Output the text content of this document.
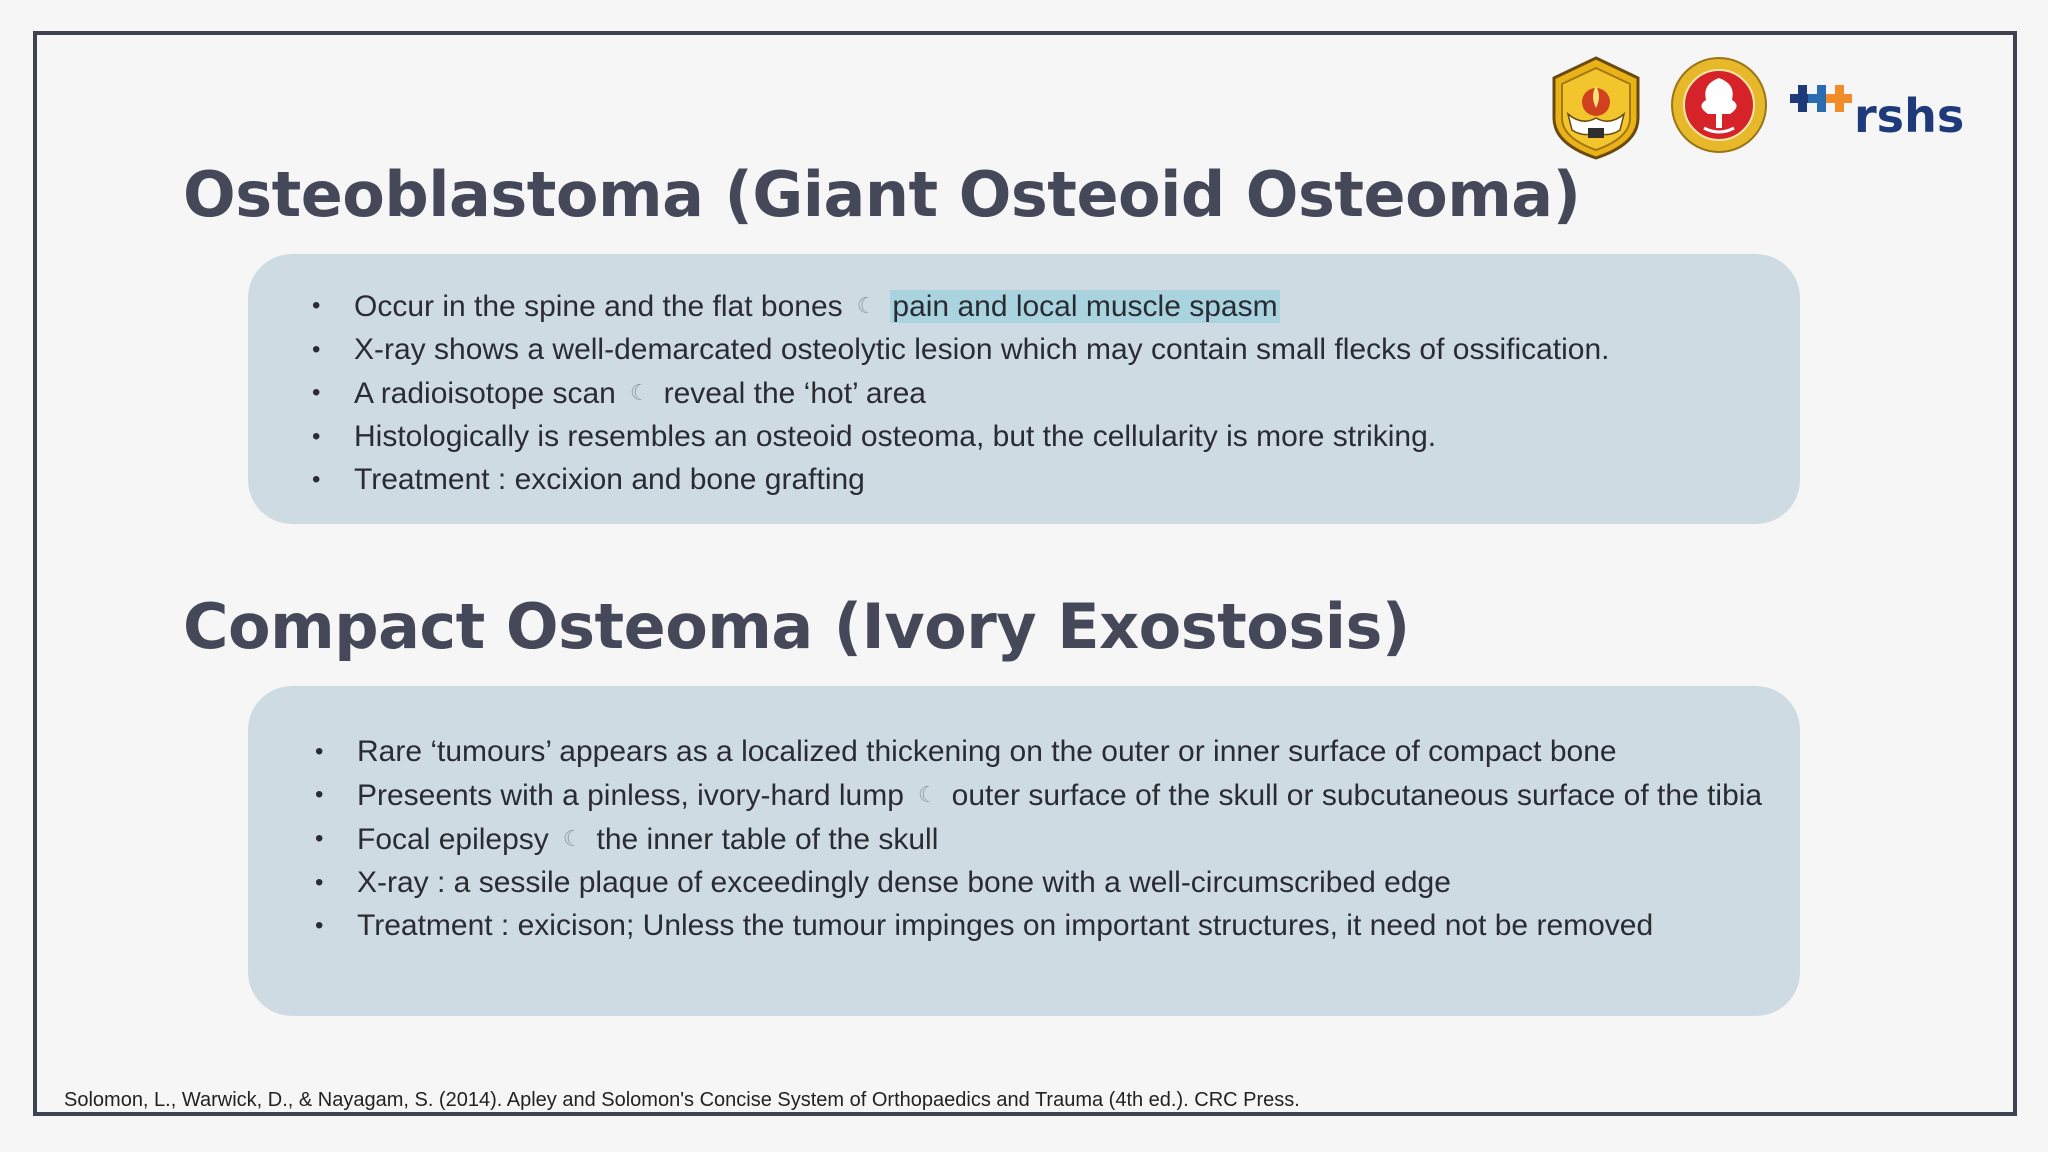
rshs
Osteoblastoma (Giant Osteoid Osteoma)
• Occur in the spine and the flat bones ☾ pain and local muscle spasm
• X-ray shows a well-demarcated osteolytic lesion which may contain small flecks of ossification.
• A radioisotope scan ☾ reveal the ‘hot’ area
• Histologically is resembles an osteoid osteoma, but the cellularity is more striking.
• Treatment : excixion and bone grafting
Compact Osteoma (Ivory Exostosis)
• Rare ‘tumours’ appears as a localized thickening on the outer or inner surface of compact bone
• Preseents with a pinless, ivory-hard lump ☾ outer surface of the skull or subcutaneous surface of the tibia
• Focal epilepsy ☾ the inner table of the skull
• X-ray : a sessile plaque of exceedingly dense bone with a well-circumscribed edge
• Treatment : exicison; Unless the tumour impinges on important structures, it need not be removed
Solomon, L., Warwick, D., & Nayagam, S. (2014). Apley and Solomon's Concise System of Orthopaedics and Trauma (4th ed.). CRC Press.
